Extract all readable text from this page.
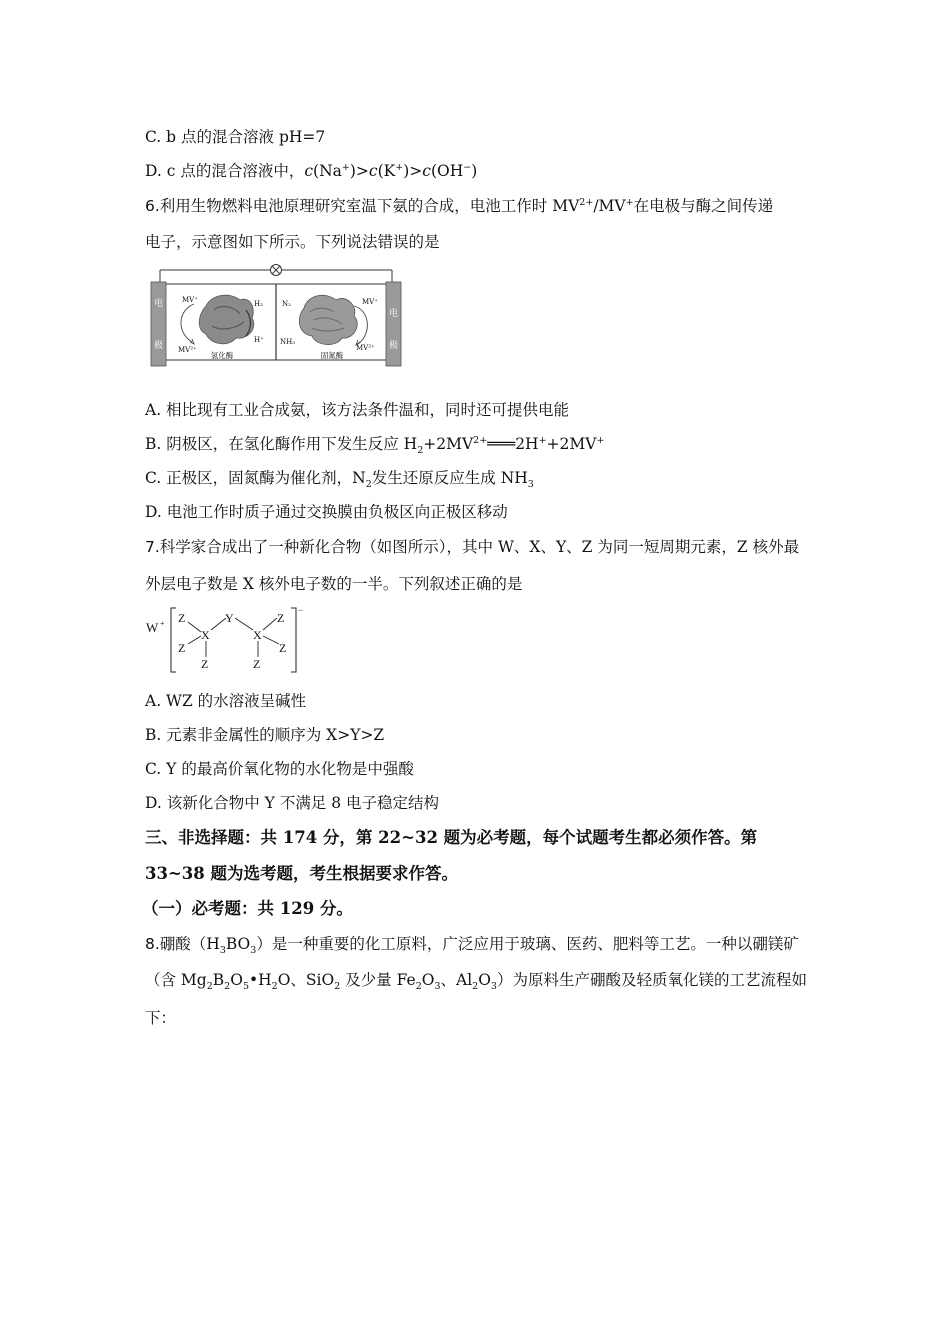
C. b 点的混合溶液 pH=7
D. c 点的混合溶液中，c(Na+)>c(K+)>c(OH−)
6.利用生物燃料电池原理研究室温下氨的合成，电池工作时 $MV^{2+}/MV^+$在电极与酶之间传递
电子，示意图如下所示。下列说法错误的是
电
极
电
极
MV⁺
MV²⁺
H₂
H⁺
氢化酶
N₂
NH₃
MV⁺
MV²⁺
固氮酶
A. 相比现有工业合成氨，该方法条件温和，同时还可提供电能
B. 阴极区，在氢化酶作用下发生反应 $H_2+2MV^{2+}═══2H^++2MV^+$
C. 正极区，固氮酶为催化剂，$N_2$发生还原反应生成 $NH_3$
D. 电池工作时质子通过交换膜由负极区向正极区移动
7.科学家合成出了一种新化合物（如图所示），其中 W、X、Y、Z 为同一短周期元素，Z 核外最
外层电子数是 X 核外电子数的一半。下列叙述正确的是
W +
−
Z
Z
X
Z
Y
X
Z
Z
Z
A. WZ 的水溶液呈碱性
B. 元素非金属性的顺序为 X>Y>Z
C. Y 的最高价氧化物的水化物是中强酸
D. 该新化合物中 Y 不满足 8 电子稳定结构
三、非选择题：共 174 分，第 22~32 题为必考题，每个试题考生都必须作答。第
33~38 题为选考题，考生根据要求作答。
（一）必考题：共 129 分。
8.硼酸$(H_3BO_3)$是一种重要的化工原料，广泛应用于玻璃、医药、肥料等工艺。一种以硼镁矿
（含 $Mg_2B_2O_5•H_2O$、SiO$_2$ 及少量 $Fe_2O_3$、$Al_2O_3$）为原料生产硼酸及轻质氧化镁的工艺流程如
下：
